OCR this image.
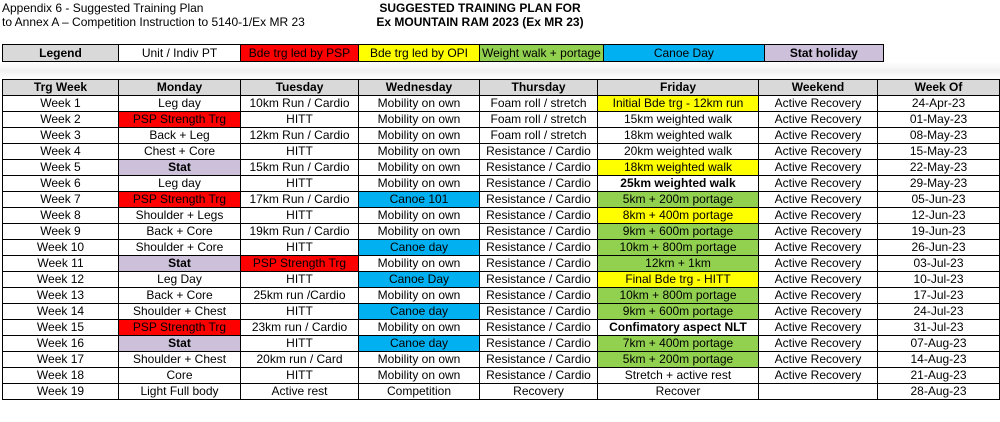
Appendix 6 - Suggested Training Plan
to Annex A – Competition Instruction to 5140-1/Ex MR 23
SUGGESTED TRAINING PLAN FOR
Ex MOUNTAIN RAM 2023 (Ex MR 23)
Legend	Unit / Indiv PT	Bde trg led by PSP	Bde trg led by OPI	Weight walk + portage	Canoe Day	Stat holiday
Trg Week	Monday	Tuesday	Wednesday	Thursday	Friday	Weekend	Week Of
Week 1	Leg day	10km Run / Cardio	Mobility on own	Foam roll / stretch	Initial Bde trg - 12km run	Active Recovery	24-Apr-23
Week 2	PSP Strength Trg	HITT	Mobility on own	Foam roll / stretch	15km weighted walk	Active Recovery	01-May-23
Week 3	Back + Leg	12km Run / Cardio	Mobility on own	Foam roll / stretch	18km weighted walk	Active Recovery	08-May-23
Week 4	Chest + Core	HITT	Mobility on own	Resistance / Cardio	20km weighted walk	Active Recovery	15-May-23
Week 5	Stat	15km Run / Cardio	Mobility on own	Resistance / Cardio	18km weighted walk	Active Recovery	22-May-23
Week 6	Leg day	HITT	Mobility on own	Resistance / Cardio	25km weighted walk	Active Recovery	29-May-23
Week 7	PSP Strength Trg	17km Run / Cardio	Canoe 101	Resistance / Cardio	5km + 200m portage	Active Recovery	05-Jun-23
Week 8	Shoulder + Legs	HITT	Mobility on own	Resistance / Cardio	8km + 400m portage	Active Recovery	12-Jun-23
Week 9	Back + Core	19km Run / Cardio	Mobility on own	Resistance / Cardio	9km + 600m portage	Active Recovery	19-Jun-23
Week 10	Shoulder + Core	HITT	Canoe day	Resistance / Cardio	10km + 800m portage	Active Recovery	26-Jun-23
Week 11	Stat	PSP Strength Trg	Mobility on own	Resistance / Cardio	12km + 1km	Active Recovery	03-Jul-23
Week 12	Leg Day	HITT	Canoe Day	Resistance / Cardio	Final Bde trg - HITT	Active Recovery	10-Jul-23
Week 13	Back + Core	25km run /Cardio	Mobility on own	Resistance / Cardio	10km + 800m portage	Active Recovery	17-Jul-23
Week 14	Shoulder + Chest	HITT	Canoe day	Resistance / Cardio	9km + 600m portage	Active Recovery	24-Jul-23
Week 15	PSP Strength Trg	23km run / Cardio	Mobility on own	Resistance / Cardio	Confimatory aspect NLT	Active Recovery	31-Jul-23
Week 16	Stat	HITT	Canoe day	Resistance / Cardio	7km + 400m portage	Active Recovery	07-Aug-23
Week 17	Shoulder + Chest	20km run / Card	Mobility on own	Resistance / Cardio	5km + 200m portage	Active Recovery	14-Aug-23
Week 18	Core	HITT	Mobility on own	Resistance / Cardio	Stretch + active rest	Active Recovery	21-Aug-23
Week 19	Light Full body	Active rest	Competition	Recovery	Recover		28-Aug-23
